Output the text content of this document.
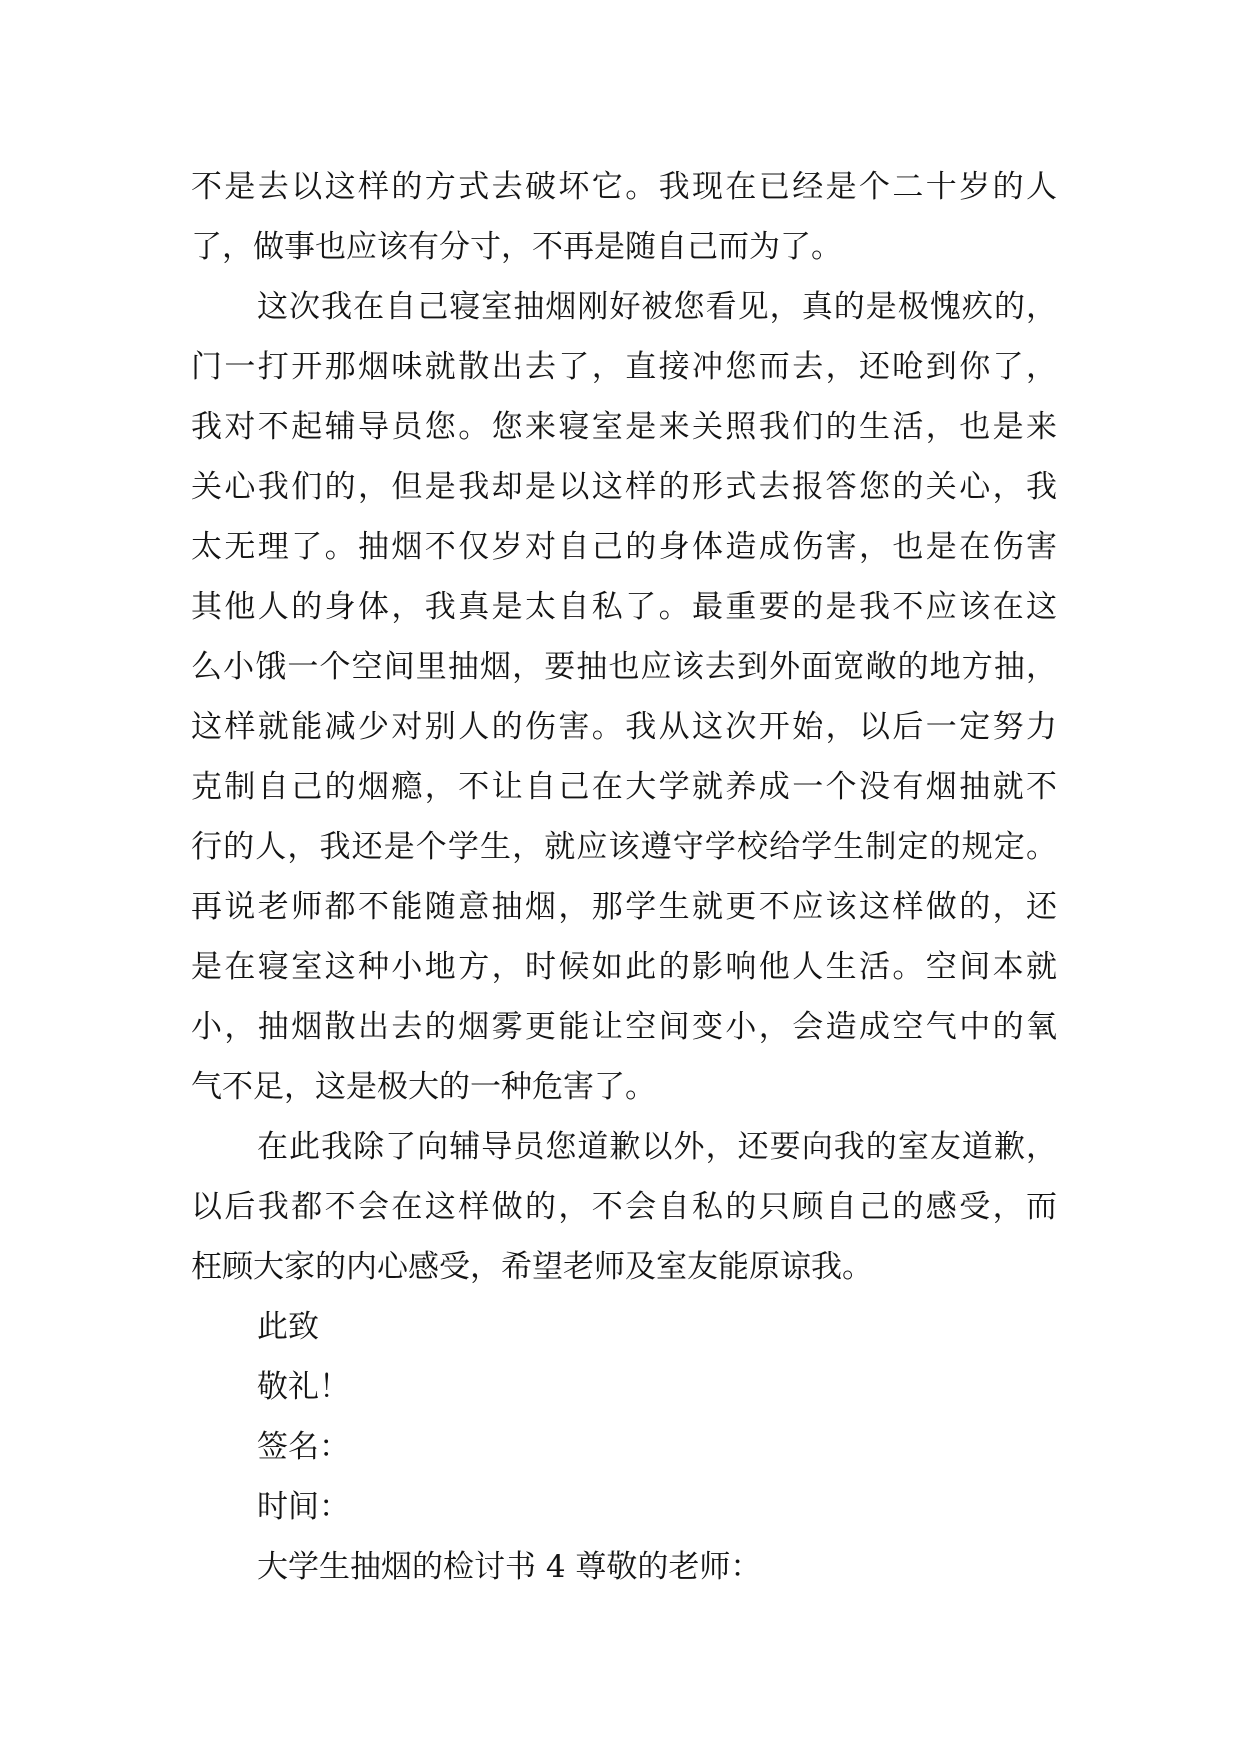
不是去以这样的方式去破坏它。我现在已经是个二十岁的人
了，做事也应该有分寸，不再是随自己而为了。
这次我在自己寝室抽烟刚好被您看见，真的是极愧疚的，
门一打开那烟味就散出去了，直接冲您而去，还呛到你了，
我对不起辅导员您。您来寝室是来关照我们的生活，也是来
关心我们的，但是我却是以这样的形式去报答您的关心，我
太无理了。抽烟不仅岁对自己的身体造成伤害，也是在伤害
其他人的身体，我真是太自私了。最重要的是我不应该在这
么小饿一个空间里抽烟，要抽也应该去到外面宽敞的地方抽，
这样就能减少对别人的伤害。我从这次开始，以后一定努力
克制自己的烟瘾，不让自己在大学就养成一个没有烟抽就不
行的人，我还是个学生，就应该遵守学校给学生制定的规定。
再说老师都不能随意抽烟，那学生就更不应该这样做的，还
是在寝室这种小地方，时候如此的影响他人生活。空间本就
小，抽烟散出去的烟雾更能让空间变小，会造成空气中的氧
气不足，这是极大的一种危害了。
在此我除了向辅导员您道歉以外，还要向我的室友道歉，
以后我都不会在这样做的，不会自私的只顾自己的感受，而
枉顾大家的内心感受，希望老师及室友能原谅我。
此致
敬礼！
签名：
时间：
大学生抽烟的检讨书 4 尊敬的老师：
